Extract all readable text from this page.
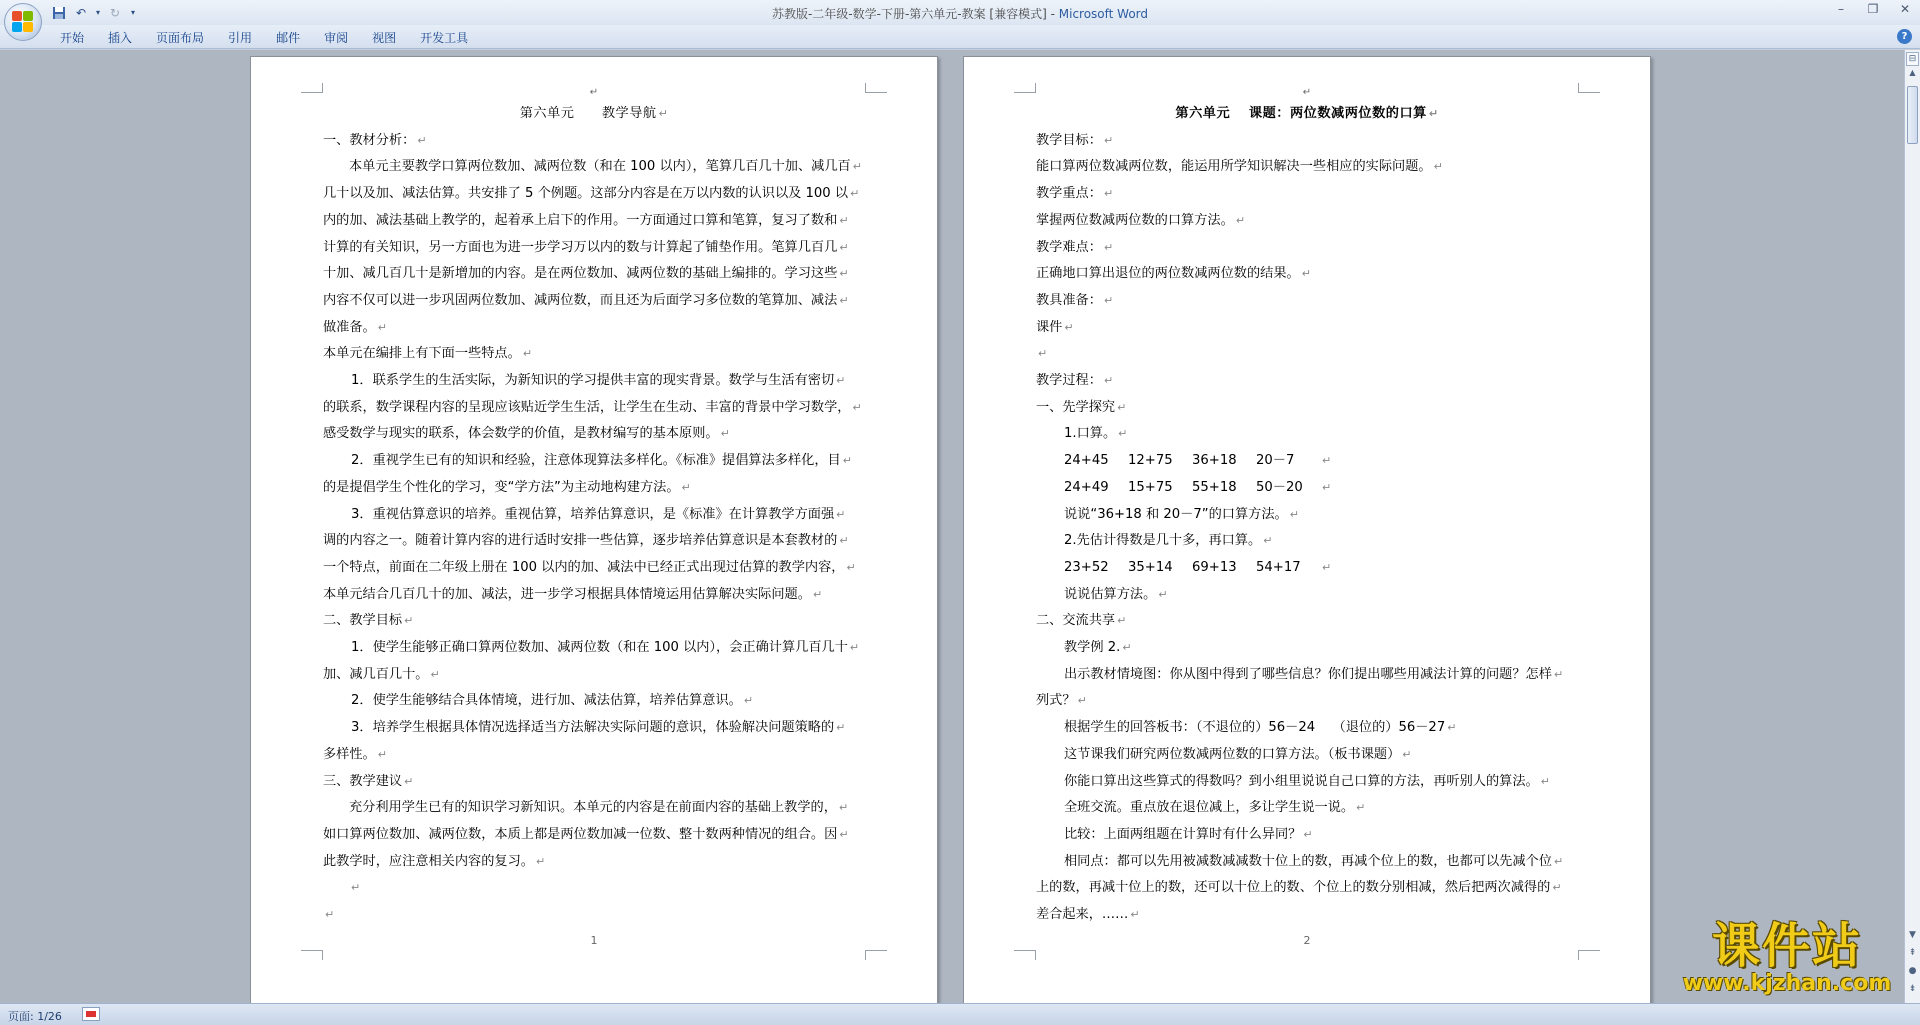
↶	▾ ↻	▾	苏教版-二年级-数学-下册-第六单元-教案 [兼容模式] - Microsoft Word	–	❐	✕
开始	插入	页面布局	引用	邮件	审阅	视图	开发工具	?
↵

第六单元　　教学导航 ↵

一、教材分析： ↵

本单元主要教学口算两位数加、减两位数（和在 100 以内），笔算几百几十加、减几百 ↵

几十以及加、减法估算。共安排了 5 个例题。这部分内容是在万以内数的认识以及 100 以 ↵

内的加、减法基础上教学的，起着承上启下的作用。一方面通过口算和笔算，复习了数和 ↵

计算的有关知识，另一方面也为进一步学习万以内的数与计算起了铺垫作用。笔算几百几 ↵

十加、减几百几十是新增加的内容。是在两位数加、减两位数的基础上编排的。学习这些 ↵

内容不仅可以进一步巩固两位数加、减两位数，而且还为后面学习多位数的笔算加、减法 ↵

做准备。 ↵

本单元在编排上有下面一些特点。 ↵

1．联系学生的生活实际，为新知识的学习提供丰富的现实背景。数学与生活有密切 ↵

的联系，数学课程内容的呈现应该贴近学生生活，让学生在生动、丰富的背景中学习数学， ↵

感受数学与现实的联系，体会数学的价值，是教材编写的基本原则。 ↵

2．重视学生已有的知识和经验，注意体现算法多样化。《标准》提倡算法多样化，目 ↵

的是提倡学生个性化的学习，变“学方法”为主动地构建方法。 ↵

3．重视估算意识的培养。重视估算，培养估算意识，是《标准》在计算教学方面强 ↵

调的内容之一。随着计算内容的进行适时安排一些估算，逐步培养估算意识是本套教材的 ↵

一个特点，前面在二年级上册在 100 以内的加、减法中已经正式出现过估算的教学内容， ↵

本单元结合几百几十的加、减法，进一步学习根据具体情境运用估算解决实际问题。 ↵

二、教学目标 ↵

1．使学生能够正确口算两位数加、减两位数（和在 100 以内），会正确计算几百几十 ↵

加、减几百几十。 ↵

2．使学生能够结合具体情境，进行加、减法估算，培养估算意识。 ↵

3．培养学生根据具体情况选择适当方法解决实际问题的意识，体验解决问题策略的 ↵

多样性。 ↵

三、教学建议 ↵

充分利用学生已有的知识学习新知识。本单元的内容是在前面内容的基础上教学的， ↵

如口算两位数加、减两位数，本质上都是两位数加减一位数、整十数两种情况的组合。因 ↵

此教学时，应注意相关内容的复习。 ↵

↵

↵

1
↵

第六单元　 课题：两位数减两位数的口算 ↵

教学目标： ↵

能口算两位数减两位数，能运用所学知识解决一些相应的实际问题。 ↵

教学重点： ↵

掌握两位数减两位数的口算方法。 ↵

教学难点： ↵

正确地口算出退位的两位数减两位数的结果。 ↵

教具准备： ↵

课件 ↵

↵

教学过程： ↵

一、先学探究 ↵

1.口算。 ↵

24+45 12+75 36+18 20－7	↵

24+49 15+75 55+18 50－20 ↵

说说“36+18 和 20－7”的口算方法。 ↵

2.先估计得数是几十多，再口算。 ↵

23+52 35+14 69+13 54+17 ↵

说说估算方法。 ↵

二、交流共享 ↵

教学例 2. ↵

出示教材情境图：你从图中得到了哪些信息？你们提出哪些用减法计算的问题？怎样 ↵

列式？ ↵

根据学生的回答板书：（不退位的）56－24　 （退位的）56－27 ↵

这节课我们研究两位数减两位数的口算方法。（板书课题） ↵

你能口算出这些算式的得数吗？到小组里说说自己口算的方法，再听别人的算法。 ↵

全班交流。重点放在退位减上，多让学生说一说。 ↵

比较：上面两组题在计算时有什么异同？ ↵

相同点：都可以先用被减数减减数十位上的数，再减个位上的数，也都可以先减个位 ↵

上的数，再减十位上的数，还可以十位上的数、个位上的数分别相减，然后把两次减得的 ↵

差合起来，…… ↵

2
⊟
▲
▼
⇞
●
⇟
页面: 1/26
课件站
www.kjzhan.com
